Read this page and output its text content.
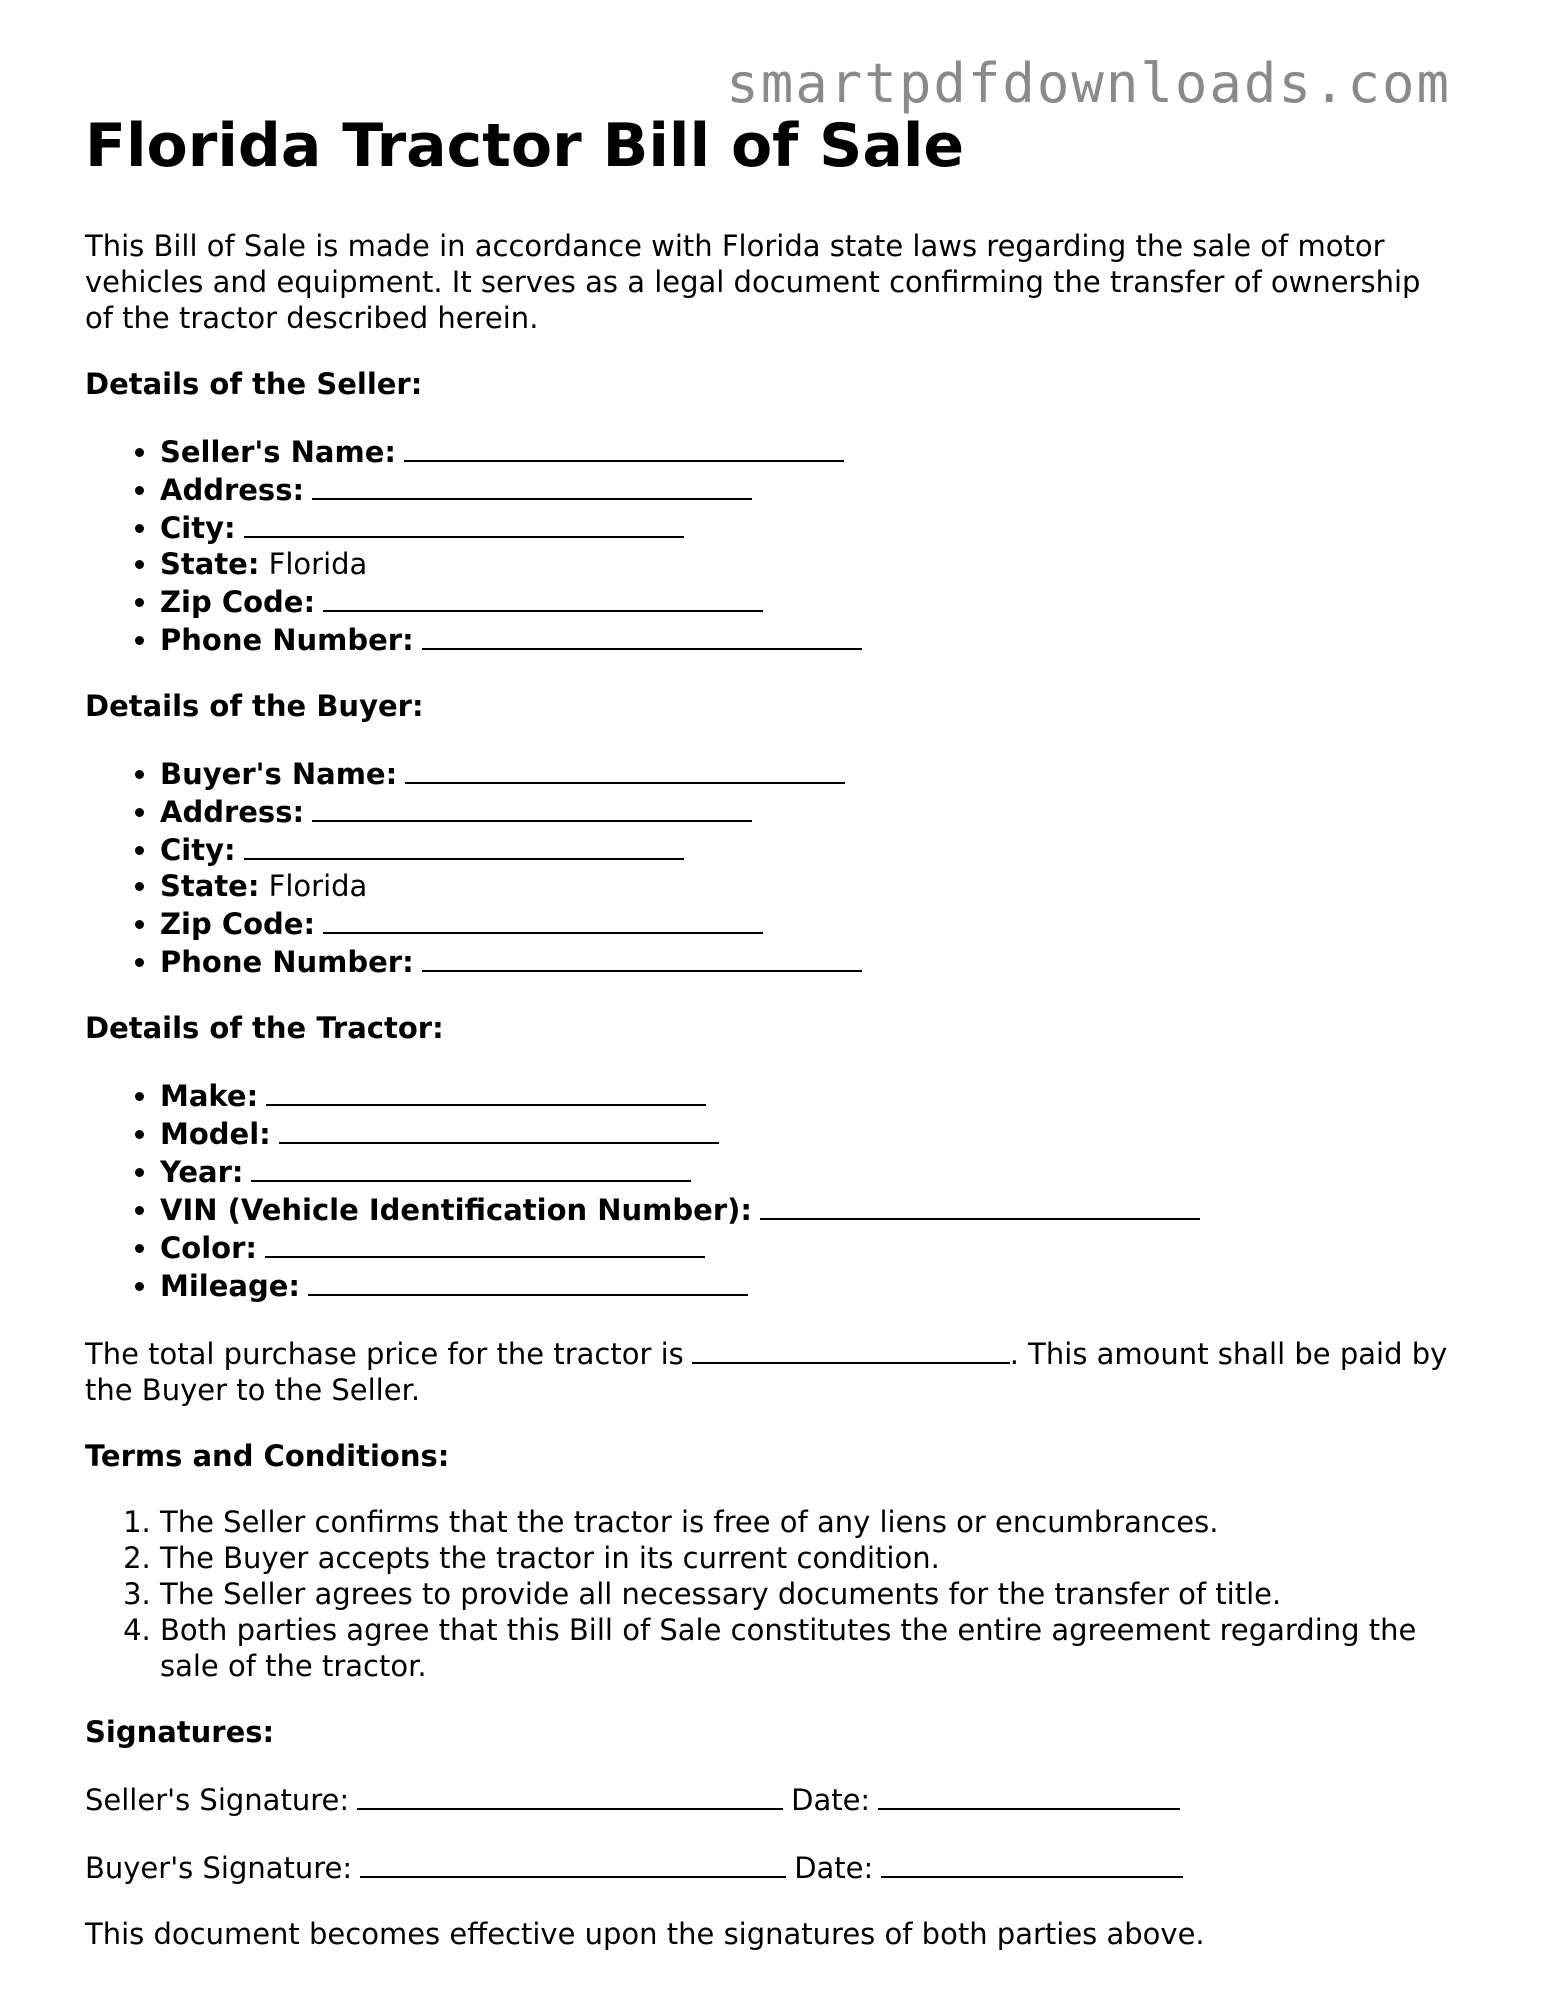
smartpdfdownloads.com
Florida Tractor Bill of Sale

This Bill of Sale is made in accordance with Florida state laws regarding the sale of motor vehicles and equipment. It serves as a legal document confirming the transfer of ownership of the tractor described herein.

Details of the Seller:

• Seller's Name:
• Address:
• City:
• State: Florida
• Zip Code:
• Phone Number:

Details of the Buyer:

• Buyer's Name:
• Address:
• City:
• State: Florida
• Zip Code:
• Phone Number:

Details of the Tractor:

• Make:
• Model:
• Year:
• VIN (Vehicle Identification Number):
• Color:
• Mileage:

The total purchase price for the tractor is	. This amount shall be paid by the Buyer to the Seller.

Terms and Conditions:

1. The Seller confirms that the tractor is free of any liens or encumbrances.
2. The Buyer accepts the tractor in its current condition.
3. The Seller agrees to provide all necessary documents for the transfer of title.
4. Both parties agree that this Bill of Sale constitutes the entire agreement regarding the sale of the tractor.

Signatures:

Seller's Signature:	Date:

Buyer's Signature:	Date:

This document becomes effective upon the signatures of both parties above.
